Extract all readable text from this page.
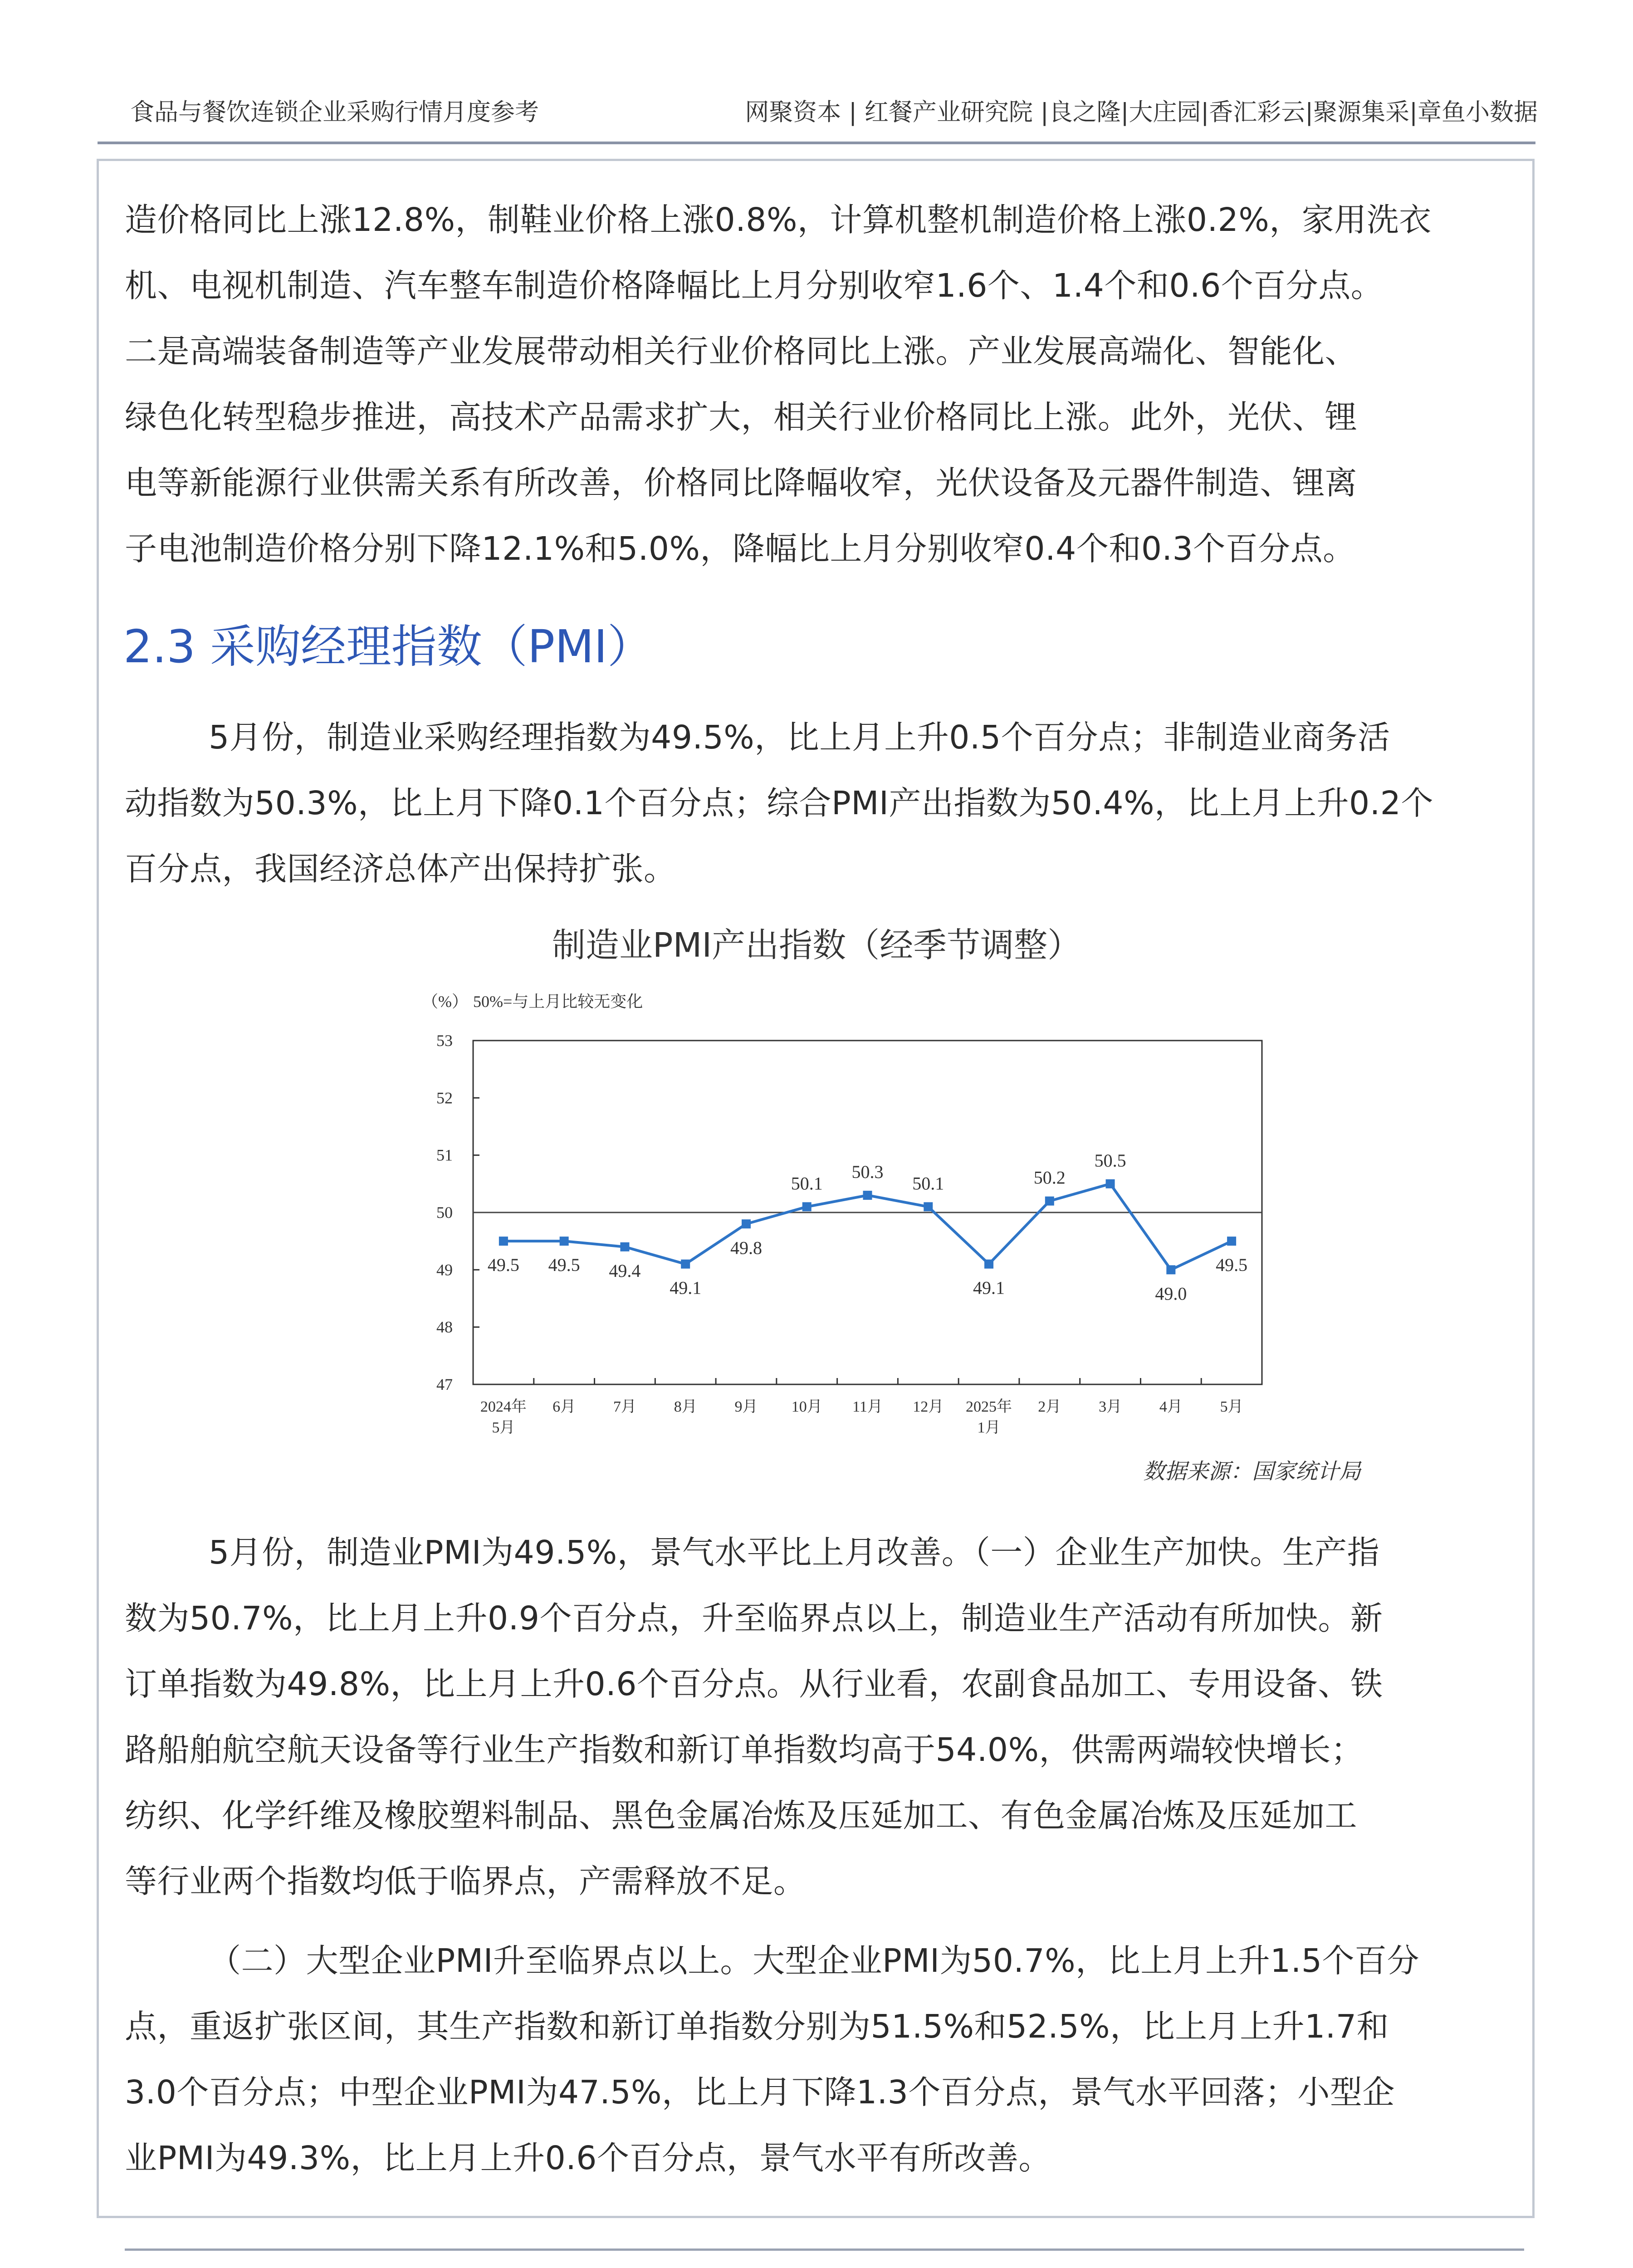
食品与餐饮连锁企业采购行情月度参考	网聚资本 | 红餐产业研究院 |良之隆|大庄园|香汇彩云|聚源集采|章鱼小数据
造价格同比上涨12.8%，制鞋业价格上涨0.8%，计算机整机制造价格上涨0.2%，家用洗衣
机、电视机制造、汽车整车制造价格降幅比上月分别收窄1.6个、1.4个和0.6个百分点。
二是高端装备制造等产业发展带动相关行业价格同比上涨。产业发展高端化、智能化、
绿色化转型稳步推进，高技术产品需求扩大，相关行业价格同比上涨。此外，光伏、锂
电等新能源行业供需关系有所改善，价格同比降幅收窄，光伏设备及元器件制造、锂离
子电池制造价格分别下降12.1%和5.0%，降幅比上月分别收窄0.4个和0.3个百分点。
2.3 采购经理指数（PMI）
5月份，制造业采购经理指数为49.5%，比上月上升0.5个百分点；非制造业商务活
动指数为50.3%，比上月下降0.1个百分点；综合PMI产出指数为50.4%，比上月上升0.2个
百分点，我国经济总体产出保持扩张。
制造业PMI产出指数（经季节调整）
（%） 50%=与上月比较无变化
47
48
49
50
51
52
53
2024年
5月
6月 7月 8月 9月 10月 11月 12月 2025年
1月
2月 3月 4月 5月
49.5 49.5 49.4
49.1
49.8
50.1
50.3
50.1
49.1
50.2
50.5
49.0
49.5
数据来源：国家统计局
5月份，制造业PMI为49.5%，景气水平比上月改善。（一）企业生产加快。生产指
数为50.7%，比上月上升0.9个百分点，升至临界点以上，制造业生产活动有所加快。新
订单指数为49.8%，比上月上升0.6个百分点。从行业看，农副食品加工、专用设备、铁
路船舶航空航天设备等行业生产指数和新订单指数均高于54.0%，供需两端较快增长；
纺织、化学纤维及橡胶塑料制品、黑色金属冶炼及压延加工、有色金属冶炼及压延加工
等行业两个指数均低于临界点，产需释放不足。
（二）大型企业PMI升至临界点以上。大型企业PMI为50.7%，比上月上升1.5个百分
点，重返扩张区间，其生产指数和新订单指数分别为51.5%和52.5%，比上月上升1.7和
3.0个百分点；中型企业PMI为47.5%，比上月下降1.3个百分点，景气水平回落；小型企
业PMI为49.3%，比上月上升0.6个百分点，景气水平有所改善。
